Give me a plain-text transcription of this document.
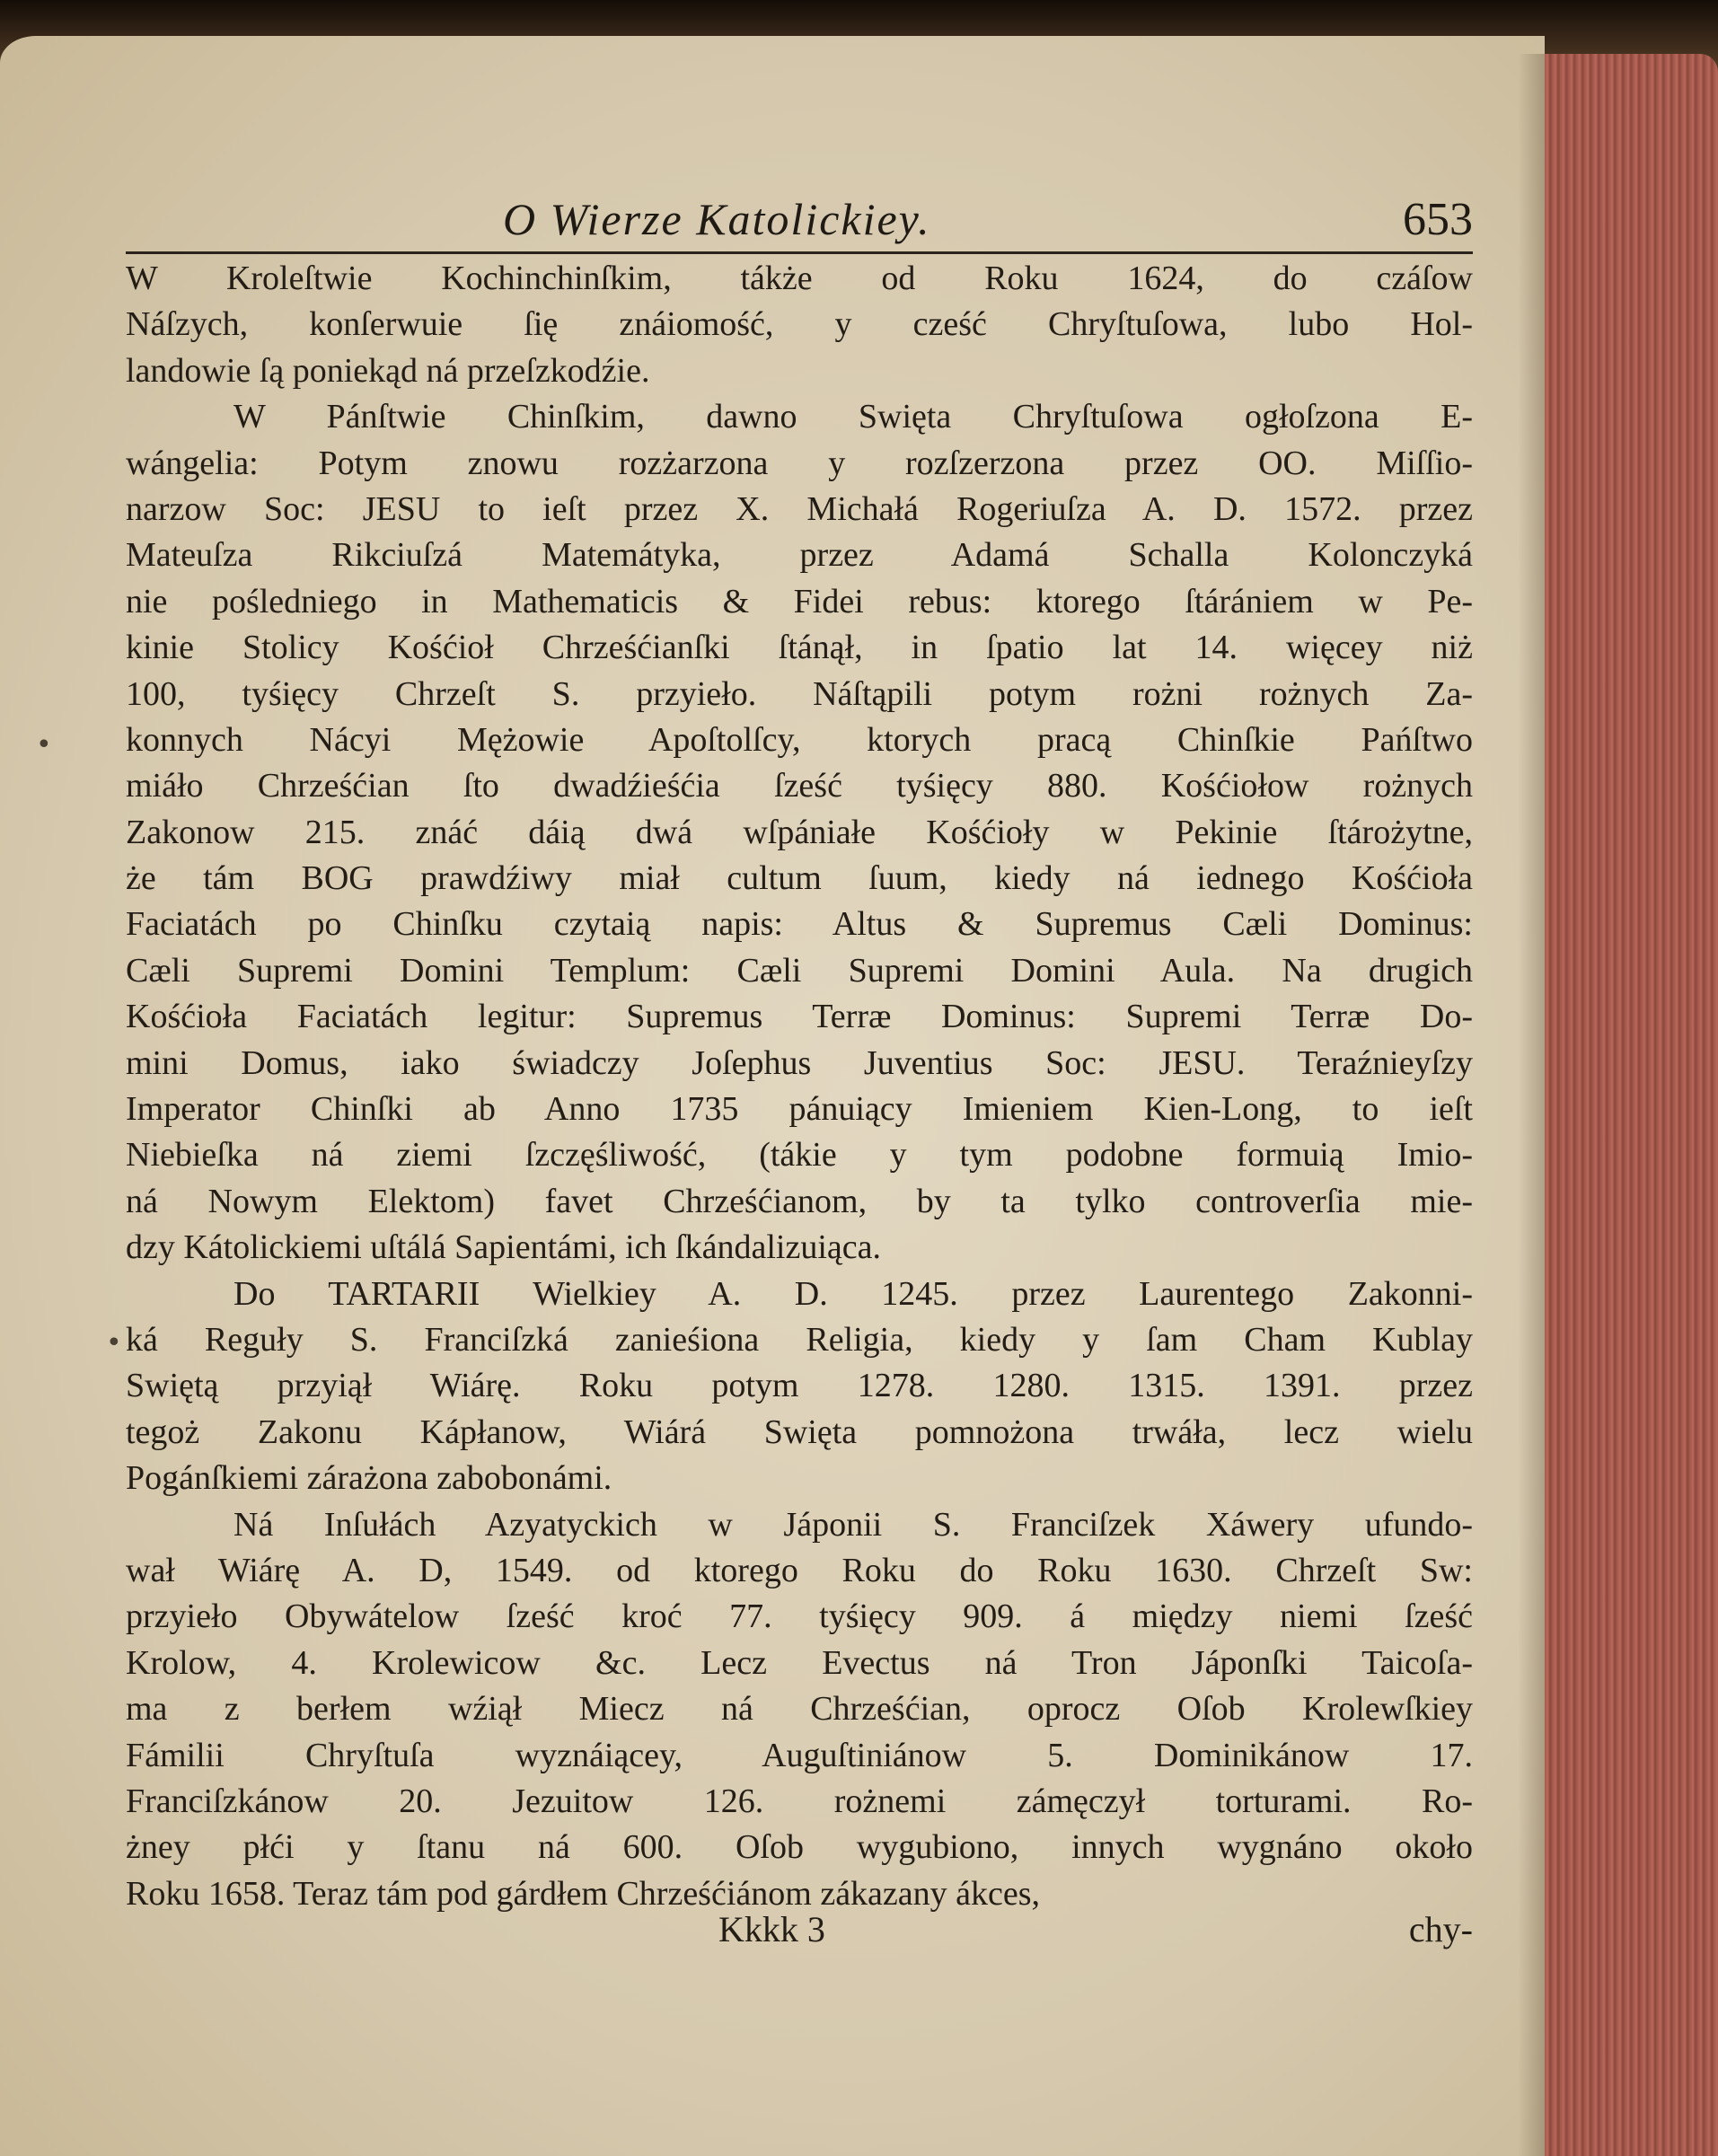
O Wierze Katolickiey.	653
•
•
W Kroleſtwie Kochinchinſkim, tákże od Roku 1624, do czáſow
Náſzych, konſerwuie ſię znáiomość, y cześć Chryſtuſowa, lubo Hol-
landowie ſą poniekąd ná przeſzkodźie.
W Pánſtwie Chinſkim, dawno Swięta Chryſtuſowa ogłoſzona E-
wángelia: Potym znowu rozżarzona y rozſzerzona przez OO. Miſſio-
narzow Soc: JESU to ieſt przez X. Michałá Rogeriuſza A. D. 1572. przez
Mateuſza Rikciuſzá Matemátyka, przez Adamá Schalla Kolonczyká
nie pośledniego in Mathematicis & Fidei rebus: ktorego ſtárániem w Pe-
kinie Stolicy Kośćioł Chrześćianſki ſtánął, in ſpatio lat 14. więcey niż
100, tyśięcy Chrzeſt S. przyieło. Náſtąpili potym rożni rożnych Za-
konnych Nácyi Mężowie Apoſtolſcy, ktorych pracą Chinſkie Pańſtwo
miáło Chrześćian ſto dwadźieśćia ſześć tyśięcy 880. Kośćiołow rożnych
Zakonow 215. znáć dáią dwá wſpániałe Kośćioły w Pekinie ſtárożytne,
że tám BOG prawdźiwy miał cultum ſuum, kiedy ná iednego Kośćioła
Faciatách po Chinſku czytaią napis: Altus & Supremus Cæli Dominus:
Cæli Supremi Domini Templum: Cæli Supremi Domini Aula. Na drugich
Kośćioła Faciatách legitur: Supremus Terræ Dominus: Supremi Terræ Do-
mini Domus, iako świadczy Joſephus Juventius Soc: JESU. Teraźnieyſzy
Imperator Chinſki ab Anno 1735 pánuiący Imieniem Kien-Long, to ieſt
Niebieſka ná ziemi ſzczęśliwość, (tákie y tym podobne formuią Imio-
ná Nowym Elektom) favet Chrześćianom, by ta tylko controverſia mie-
dzy Kátolickiemi uſtálá Sapientámi, ich ſkándalizuiąca.
Do TARTARII Wielkiey A. D. 1245. przez Laurentego Zakonni-
ká Reguły S. Franciſzká zanieśiona Religia, kiedy y ſam Cham Kublay
Swiętą przyiął Wiárę. Roku potym 1278. 1280. 1315. 1391. przez
tegoż Zakonu Kápłanow, Wiárá Swięta pomnożona trwáła, lecz wielu
Pogánſkiemi zárażona zabobonámi.
Ná Inſułách Azyatyckich w Jáponii S. Franciſzek Xáwery ufundo-
wał Wiárę A. D, 1549. od ktorego Roku do Roku 1630. Chrzeſt Sw:
przyieło Obywátelow ſześć kroć 77. tyśięcy 909. á między niemi ſześć
Krolow, 4. Krolewicow &c. Lecz Evectus ná Tron Jáponſki Taicoſa-
ma z berłem wźiął Miecz ná Chrześćian, oprocz Oſob Krolewſkiey
Fámilii Chryſtuſa wyznáiącey, Auguſtiniánow 5. Dominikánow 17.
Franciſzkánow 20. Jezuitow 126. rożnemi zámęczył torturami. Ro-
żney płći y ſtanu ná 600. Oſob wygubiono, innych wygnáno około
Roku 1658. Teraz tám pod gárdłem Chrześćiánom zákazany ákces,
Kkkk 3	chy-
